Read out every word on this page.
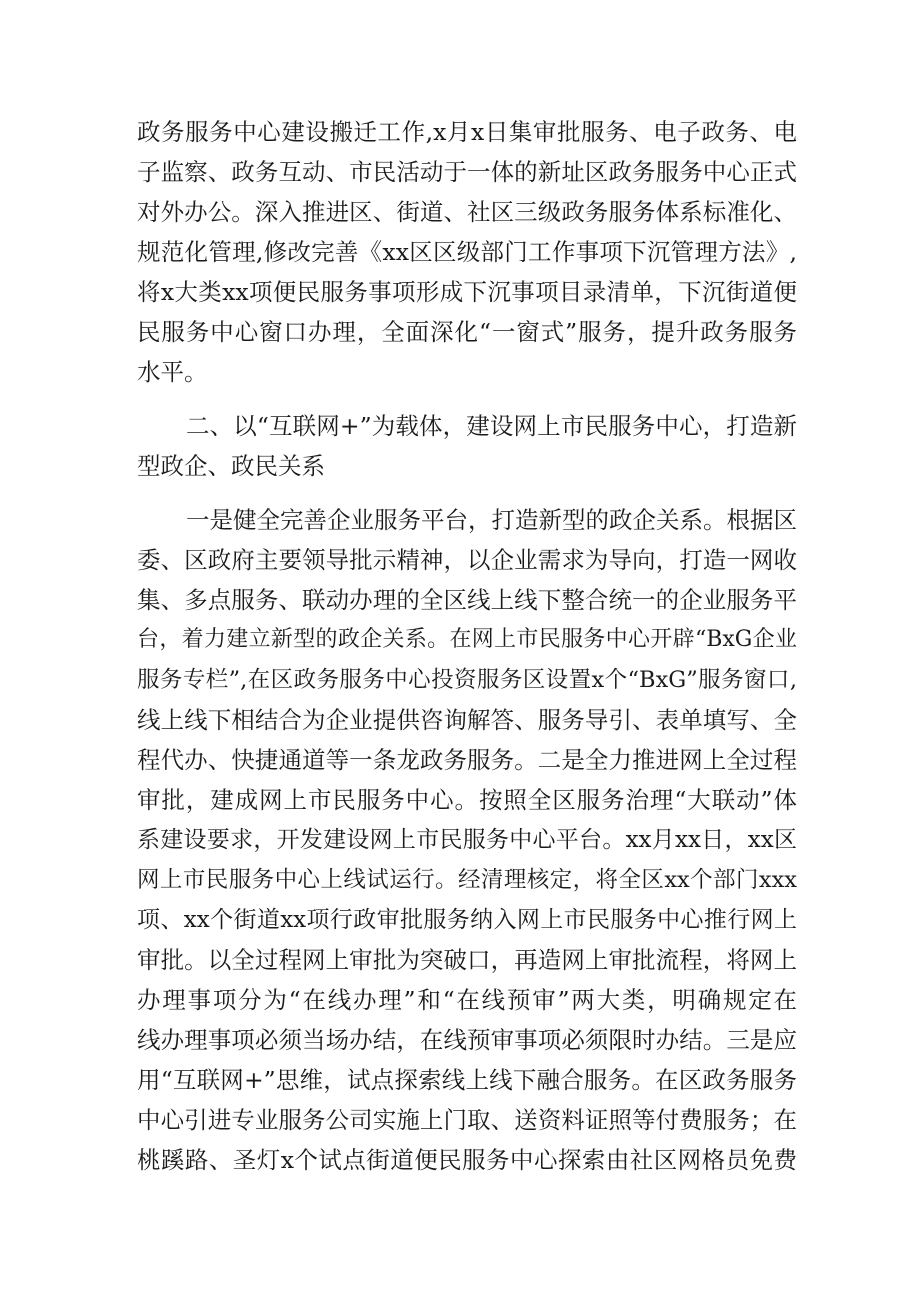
政务服务中心建设搬迁工作,x月x日集审批服务、电子政务、电

子监察、政务互动、市民活动于一体的新址区政务服务中心正式

对外办公。深入推进区、街道、社区三级政务服务体系标准化、

规范化管理,修改完善《xx区区级部门工作事项下沉管理方法》,

将x大类xx项便民服务事项形成下沉事项目录清单，下沉街道便

民服务中心窗口办理，全面深化“一窗式”服务，提升政务服务

水平。

二、以“互联网+”为载体，建设网上市民服务中心，打造新

型政企、政民关系

一是健全完善企业服务平台，打造新型的政企关系。根据区

委、区政府主要领导批示精神，以企业需求为导向，打造一网收

集、多点服务、联动办理的全区线上线下整合统一的企业服务平

台，着力建立新型的政企关系。在网上市民服务中心开辟“BxG企业

服务专栏”,在区政务服务中心投资服务区设置x个“BxG”服务窗口,

线上线下相结合为企业提供咨询解答、服务导引、表单填写、全

程代办、快捷通道等一条龙政务服务。二是全力推进网上全过程

审批，建成网上市民服务中心。按照全区服务治理“大联动”体

系建设要求，开发建设网上市民服务中心平台。xx月xx日，xx区

网上市民服务中心上线试运行。经清理核定，将全区xx个部门xxx

项、xx个街道xx项行政审批服务纳入网上市民服务中心推行网上

审批。以全过程网上审批为突破口，再造网上审批流程，将网上

办理事项分为“在线办理”和“在线预审”两大类，明确规定在

线办理事项必须当场办结，在线预审事项必须限时办结。三是应

用“互联网+”思维，试点探索线上线下融合服务。在区政务服务

中心引进专业服务公司实施上门取、送资料证照等付费服务；在

桃蹊路、圣灯x个试点街道便民服务中心探索由社区网格员免费
